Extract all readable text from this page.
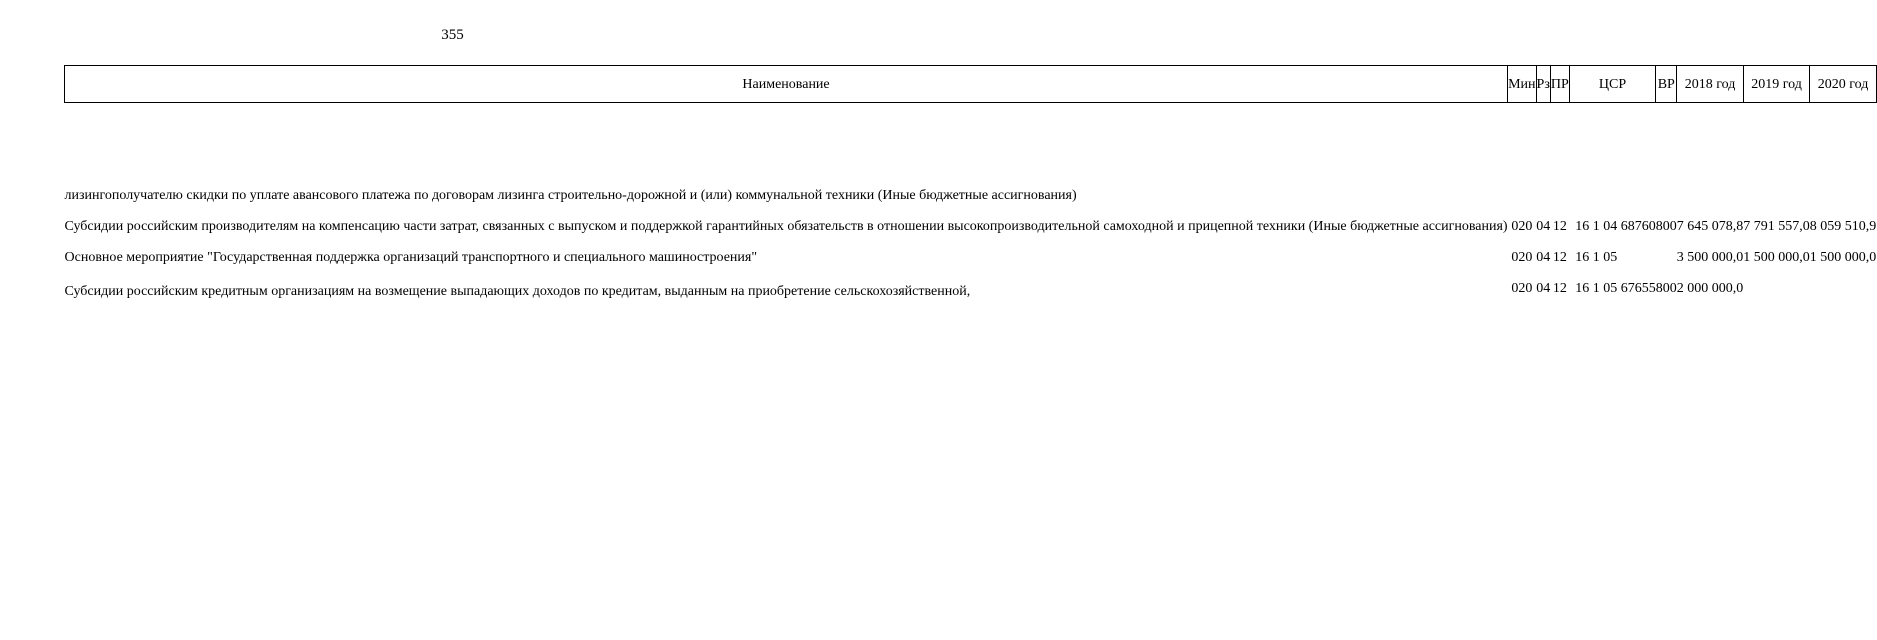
355
Наименование	Мин	Рз	ПР	ЦСР	ВР	2018 год	2019 год	2020 год
лизингополучателю скидки по уплате авансового платежа по договорам лизинга строительно-дорожной и (или) коммунальной техники (Иные бюджетные ассигнования)								

Субсидии российским производителям на компенсацию части затрат, связанных с выпуском и поддержкой гарантийных обязательств в отношении высокопроизводительной самоходной и прицепной техники (Иные бюджетные ассигнования)	020	04	12	16 1 04 68760	800	7 645 078,8	7 791 557,0	8 059 510,9

Основное мероприятие "Государственная поддержка организаций транспортного и специального машиностроения"	020	04	12	16 1 05		3 500 000,0	1 500 000,0	1 500 000,0

Субсидии российским кредитным организациям на возмещение выпадающих доходов по кредитам, выданным на приобретение сельскохозяйственной,	020	04	12	16 1 05 67655	800	2 000 000,0		
